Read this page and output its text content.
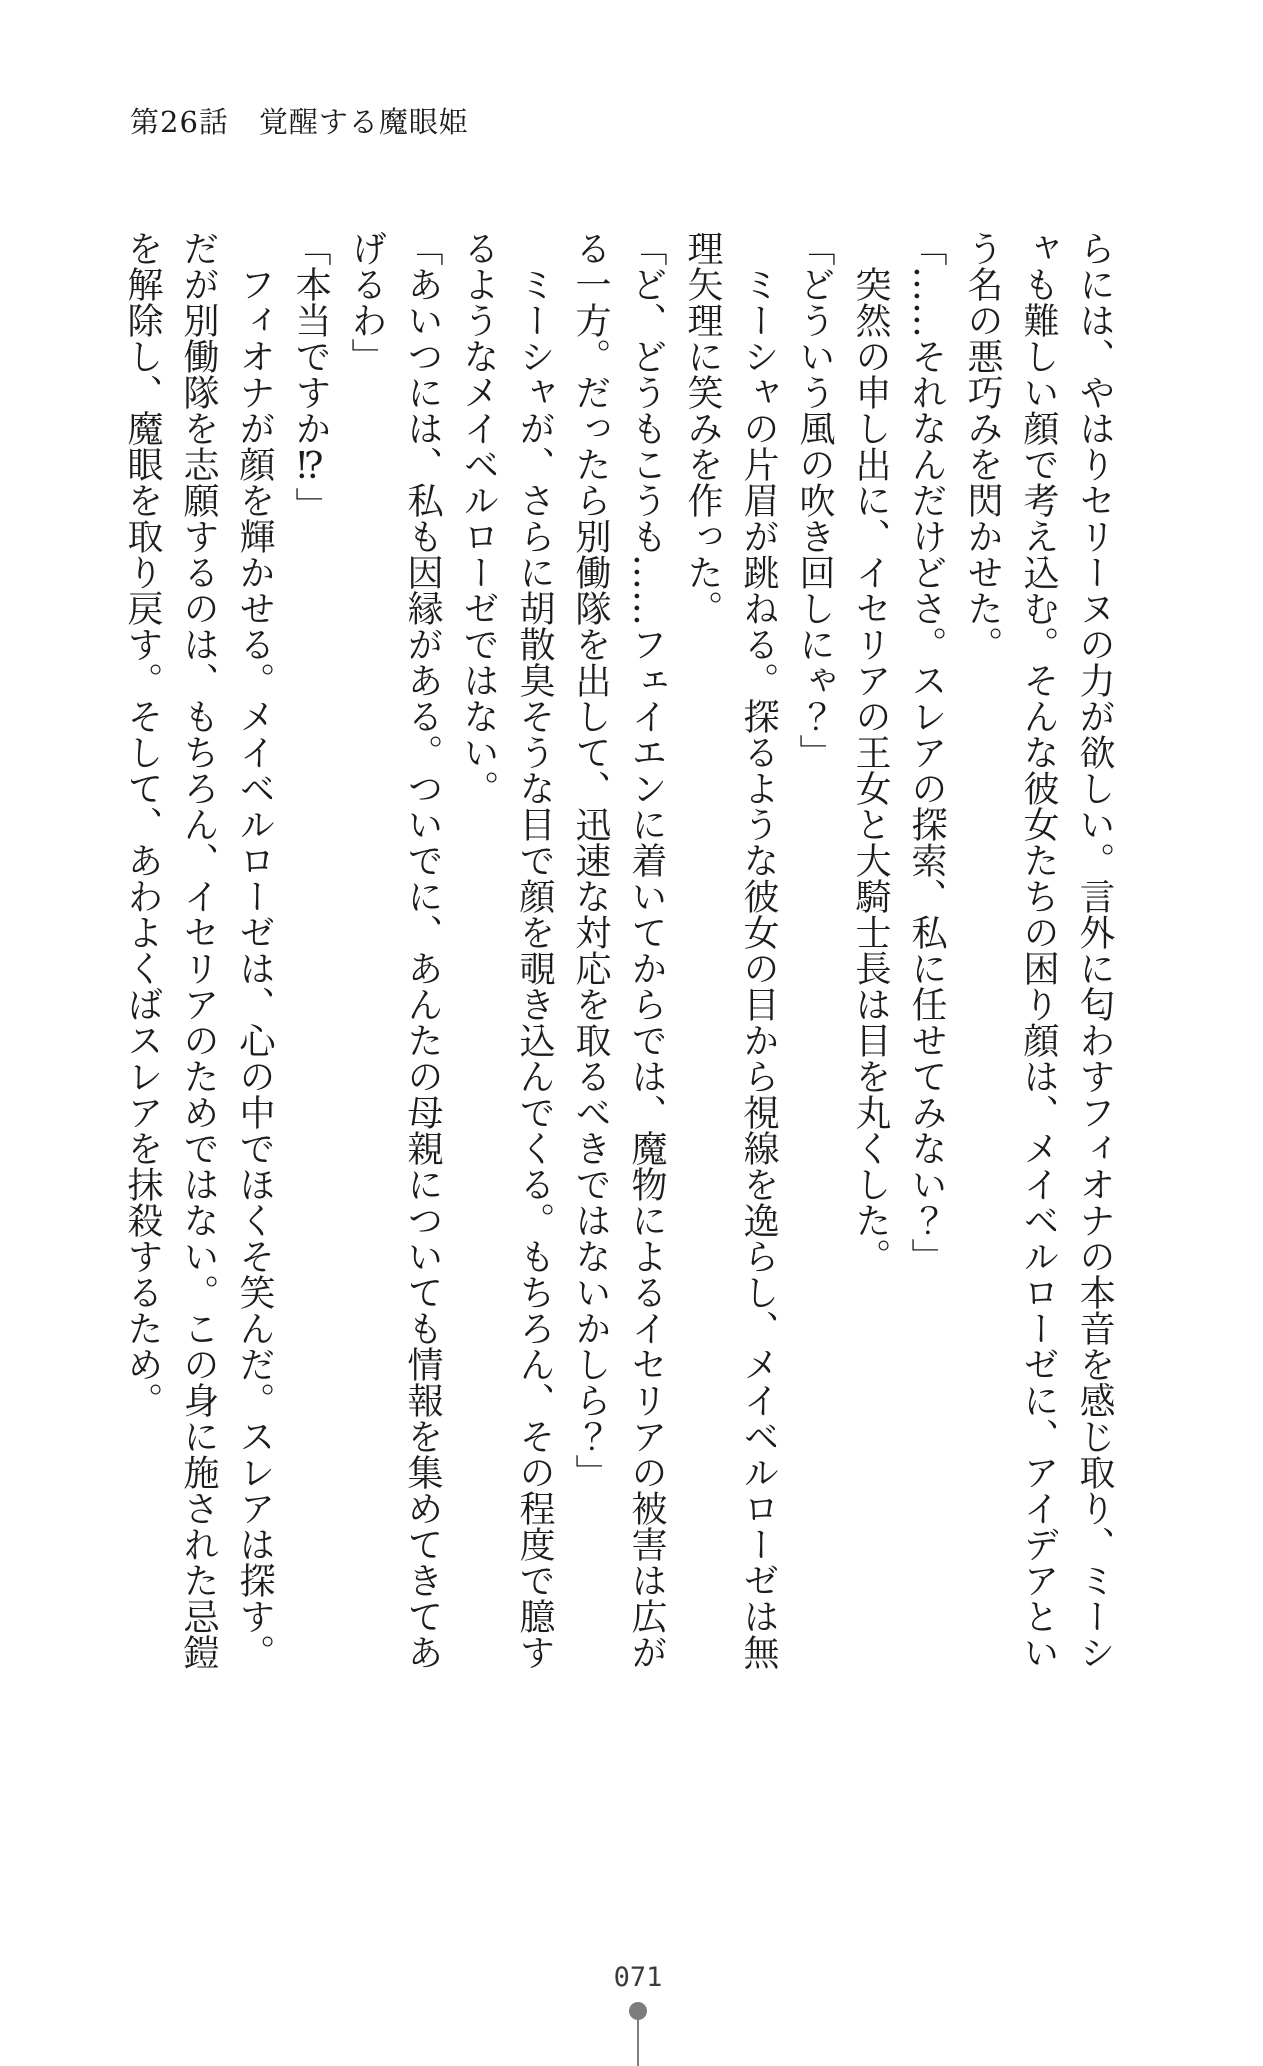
第26話　覚醒する魔眼姫
らには、やはりセリーヌの力が欲しい。言外に匂わすフィオナの本音を感じ取り、ミーシ
ャも難しい顔で考え込む。そんな彼女たちの困り顔は、メイベルローゼに、アイデアとい
う名の悪巧みを閃かせた。
「……それなんだけどさ。スレアの探索、私に任せてみない？」
　突然の申し出に、イセリアの王女と大騎士長は目を丸くした。
「どういう風の吹き回しにゃ？」
　ミーシャの片眉が跳ねる。探るような彼女の目から視線を逸らし、メイベルローゼは無
理矢理に笑みを作った。
「ど、どうもこうも……フェイエンに着いてからでは、魔物によるイセリアの被害は広が
る一方。だったら別働隊を出して、迅速な対応を取るべきではないかしら？」
　ミーシャが、さらに胡散臭そうな目で顔を覗き込んでくる。もちろん、その程度で臆す
るようなメイベルローゼではない。
「あいつには、私も因縁がある。ついでに、あんたの母親についても情報を集めてきてあ
げるわ」
「本当ですか⁉」
　フィオナが顔を輝かせる。メイベルローゼは、心の中でほくそ笑んだ。スレアは探す。
だが別働隊を志願するのは、もちろん、イセリアのためではない。この身に施された忌鎧
を解除し、魔眼を取り戻す。そして、あわよくばスレアを抹殺するため。
071
